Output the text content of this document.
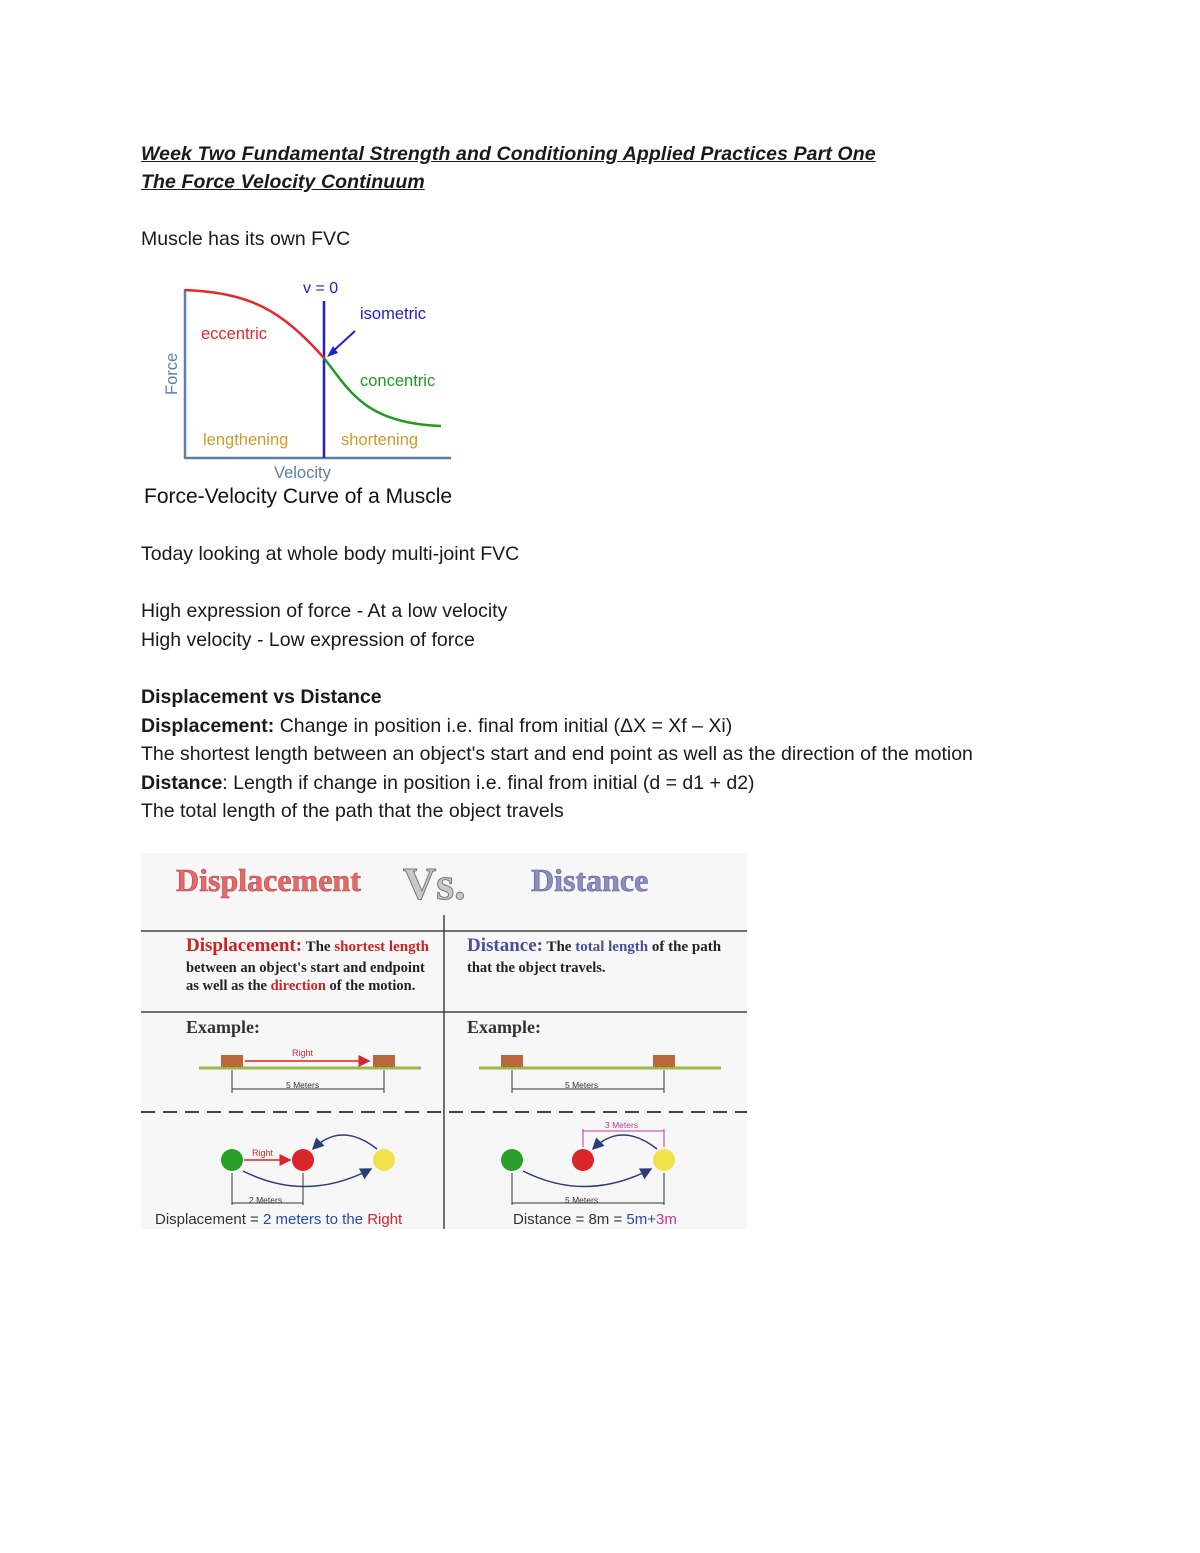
Week Two Fundamental Strength and Conditioning Applied Practices Part One

The Force Velocity Continuum

Muscle has its own FVC

Today looking at whole body multi-joint FVC

High expression of force - At a low velocity

High velocity - Low expression of force

Displacement vs Distance

Displacement: Change in position i.e. final from initial (ΔX = Xf – Xi)

The shortest length between an object's start and end point as well as the direction of the motion

Distance: Length if change in position i.e. final from initial (d = d1 + d2)

The total length of the path that the object travels

v = 0
isometric
eccentric
concentric
Force
lengthening	shortening
Velocity
Force-Velocity Curve of a Muscle
Displacement Vs. Distance
Displacement: The shortest length
between an object's start and endpoint
as well as the direction of the motion.
Distance: The total length of the path
that the object travels.
Example:	Example:
Right
5 Meters	5 Meters
Right
2 Meters
3 Meters
5 Meters
Displacement = 2 meters to the Right	Distance = 8m = 5m+3m
